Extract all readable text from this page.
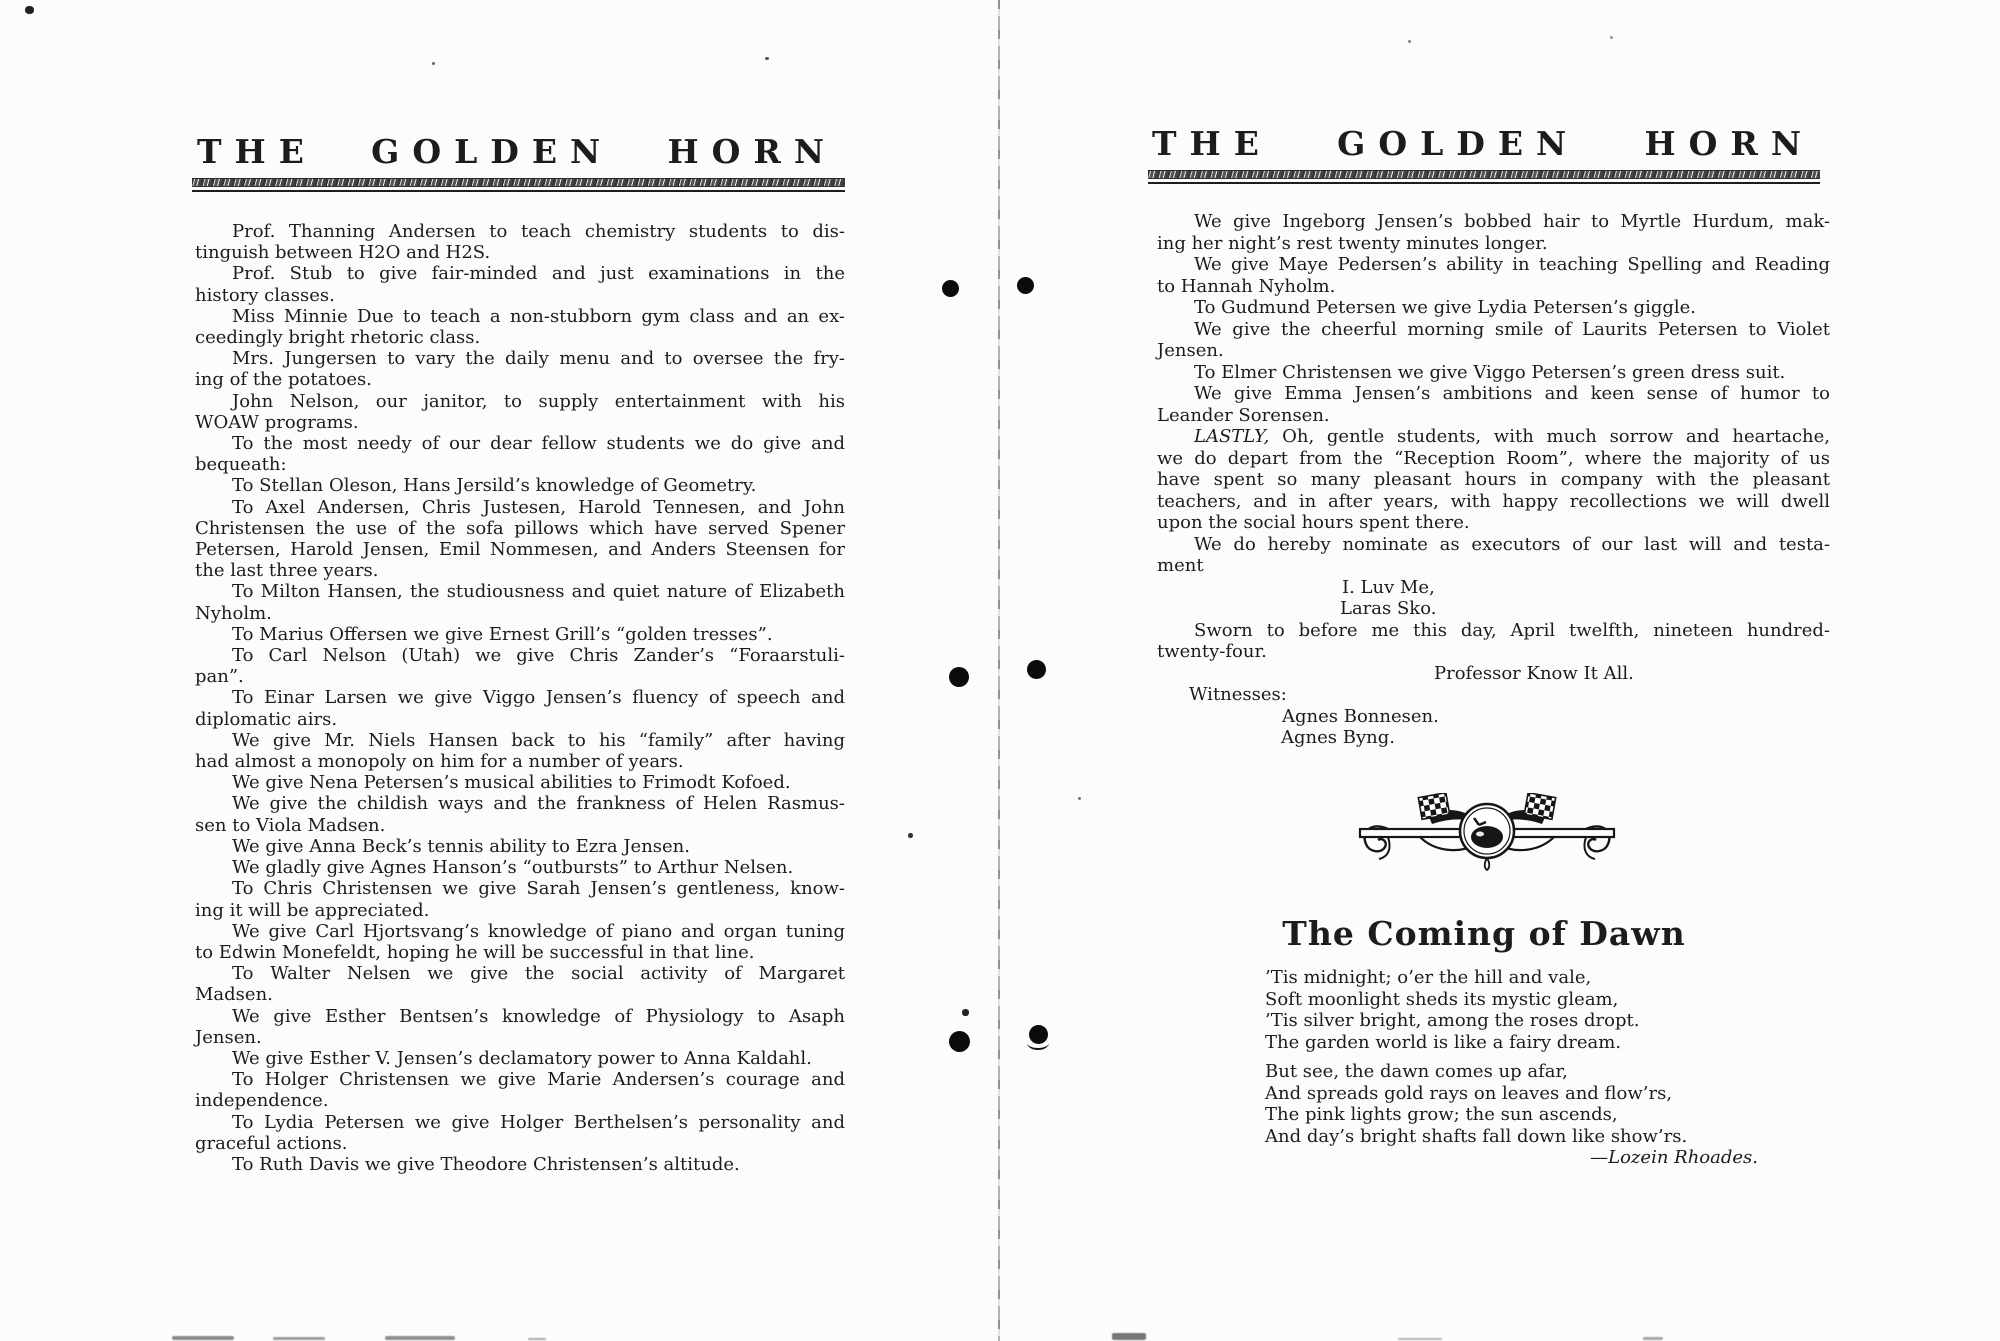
THE GOLDEN HORN
Prof. Thanning Andersen to teach chemistry students to dis-
tinguish between H2O and H2S.
Prof. Stub to give fair-minded and just examinations in the
history classes.
Miss Minnie Due to teach a non-stubborn gym class and an ex-
ceedingly bright rhetoric class.
Mrs. Jungersen to vary the daily menu and to oversee the fry-
ing of the potatoes.
John Nelson, our janitor, to supply entertainment with his
WOAW programs.
To the most needy of our dear fellow students we do give and
bequeath:
To Stellan Oleson, Hans Jersild’s knowledge of Geometry.
To Axel Andersen, Chris Justesen, Harold Tennesen, and John
Christensen the use of the sofa pillows which have served Spener
Petersen, Harold Jensen, Emil Nommesen, and Anders Steensen for
the last three years.
To Milton Hansen, the studiousness and quiet nature of Elizabeth
Nyholm.
To Marius Offersen we give Ernest Grill’s “golden tresses”.
To Carl Nelson (Utah) we give Chris Zander’s “Foraarstuli-
pan”.
To Einar Larsen we give Viggo Jensen’s fluency of speech and
diplomatic airs.
We give Mr. Niels Hansen back to his “family” after having
had almost a monopoly on him for a number of years.
We give Nena Petersen’s musical abilities to Frimodt Kofoed.
We give the childish ways and the frankness of Helen Rasmus-
sen to Viola Madsen.
We give Anna Beck’s tennis ability to Ezra Jensen.
We gladly give Agnes Hanson’s “outbursts” to Arthur Nelsen.
To Chris Christensen we give Sarah Jensen’s gentleness, know-
ing it will be appreciated.
We give Carl Hjortsvang’s knowledge of piano and organ tuning
to Edwin Monefeldt, hoping he will be successful in that line.
To Walter Nelsen we give the social activity of Margaret
Madsen.
We give Esther Bentsen’s knowledge of Physiology to Asaph
Jensen.
We give Esther V. Jensen’s declamatory power to Anna Kaldahl.
To Holger Christensen we give Marie Andersen’s courage and
independence.
To Lydia Petersen we give Holger Berthelsen’s personality and
graceful actions.
To Ruth Davis we give Theodore Christensen’s altitude.
THE GOLDEN HORN
We give Ingeborg Jensen’s bobbed hair to Myrtle Hurdum, mak-
ing her night’s rest twenty minutes longer.
We give Maye Pedersen’s ability in teaching Spelling and Reading
to Hannah Nyholm.
To Gudmund Petersen we give Lydia Petersen’s giggle.
We give the cheerful morning smile of Laurits Petersen to Violet
Jensen.
To Elmer Christensen we give Viggo Petersen’s green dress suit.
We give Emma Jensen’s ambitions and keen sense of humor to
Leander Sorensen.
LASTLY, Oh, gentle students, with much sorrow and heartache,
we do depart from the “Reception Room”, where the majority of us
have spent so many pleasant hours in company with the pleasant
teachers, and in after years, with happy recollections we will dwell
upon the social hours spent there.
We do hereby nominate as executors of our last will and testa-
ment
I. Luv Me,
Laras Sko.
Sworn to before me this day, April twelfth, nineteen hundred-
twenty-four.
Professor Know It All.
Witnesses:
Agnes Bonnesen.
Agnes Byng.
The Coming of Dawn
’Tis midnight; o’er the hill and vale,
Soft moonlight sheds its mystic gleam,
’Tis silver bright, among the roses dropt.
The garden world is like a fairy dream.
But see, the dawn comes up afar,
And spreads gold rays on leaves and flow’rs,
The pink lights grow; the sun ascends,
And day’s bright shafts fall down like show’rs.
—Lozein Rhoades.
